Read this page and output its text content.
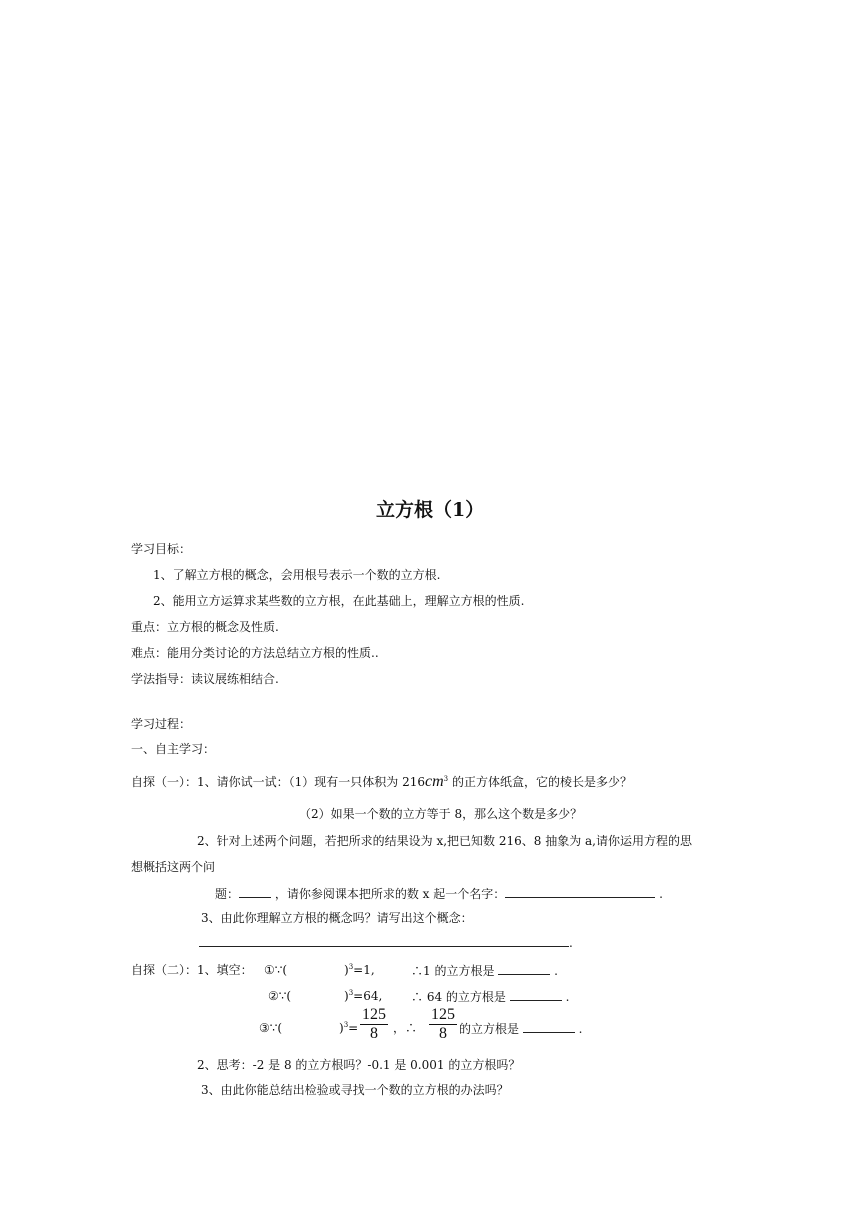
立方根（1）
学习目标：
1、了解立方根的概念，会用根号表示一个数的立方根.
2、能用立方运算求某些数的立方根，在此基础上，理解立方根的性质.
重点：立方根的概念及性质.
难点：能用分类讨论的方法总结立方根的性质..
学法指导：读议展练相结合.
学习过程：
一、自主学习：
自探（一）：1、请你试一试：（1）现有一只体积为 $216cm^3$ 的正方体纸盒，它的棱长是多少？
（2）如果一个数的立方等于 8，那么这个数是多少？
2、针对上述两个问题，若把所求的结果设为 x,把已知数 216、8 抽象为 a,请你运用方程的思
想概括这两个问
题：	，请你参阅课本把所求的数 x 起一个名字：	.
3、由此你理解立方根的概念吗？请写出这个概念：
.
自探（二）：1、填空： ①∵(	)$^3$=1,	∴1 的立方根是	.
②∵(	)$^3$=64, ∴ 64 的立方根是	.
③∵(	)$^3= \frac{125}{8}$ ，∴ $\frac{125}{8}$ 的立方根是	.
2、思考：-2 是 8 的立方根吗？-0.1 是 0.001 的立方根吗？
3、由此你能总结出检验或寻找一个数的立方根的办法吗？
